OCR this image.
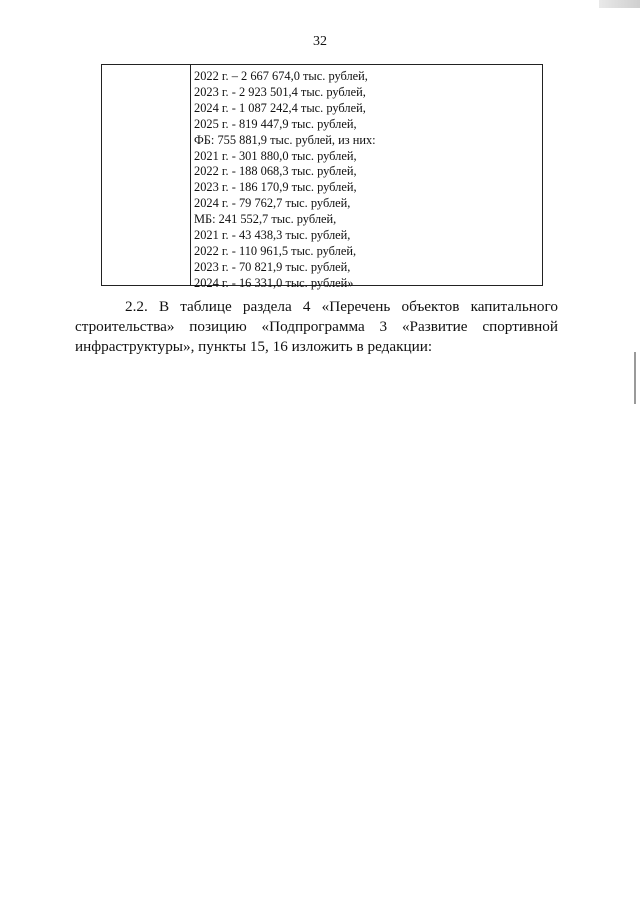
32
2022 г. – 2 667 674,0 тыс. рублей,
2023 г. - 2 923 501,4 тыс. рублей,
2024 г. - 1 087 242,4 тыс. рублей,
2025 г. - 819 447,9 тыс. рублей,
ФБ: 755 881,9 тыс. рублей, из них:
2021 г. - 301 880,0 тыс. рублей,
2022 г. - 188 068,3 тыс. рублей,
2023 г. - 186 170,9 тыс. рублей,
2024 г. - 79 762,7 тыс. рублей,
МБ: 241 552,7 тыс. рублей,
2021 г. - 43 438,3 тыс. рублей,
2022 г. - 110 961,5 тыс. рублей,
2023 г. - 70 821,9 тыс. рублей,
2024 г. - 16 331,0 тыс. рублей»
2.2. В таблице раздела 4 «Перечень объектов капитального
строительства» позицию «Подпрограмма 3 «Развитие спортивной
инфраструктуры», пункты 15, 16 изложить в редакции:
